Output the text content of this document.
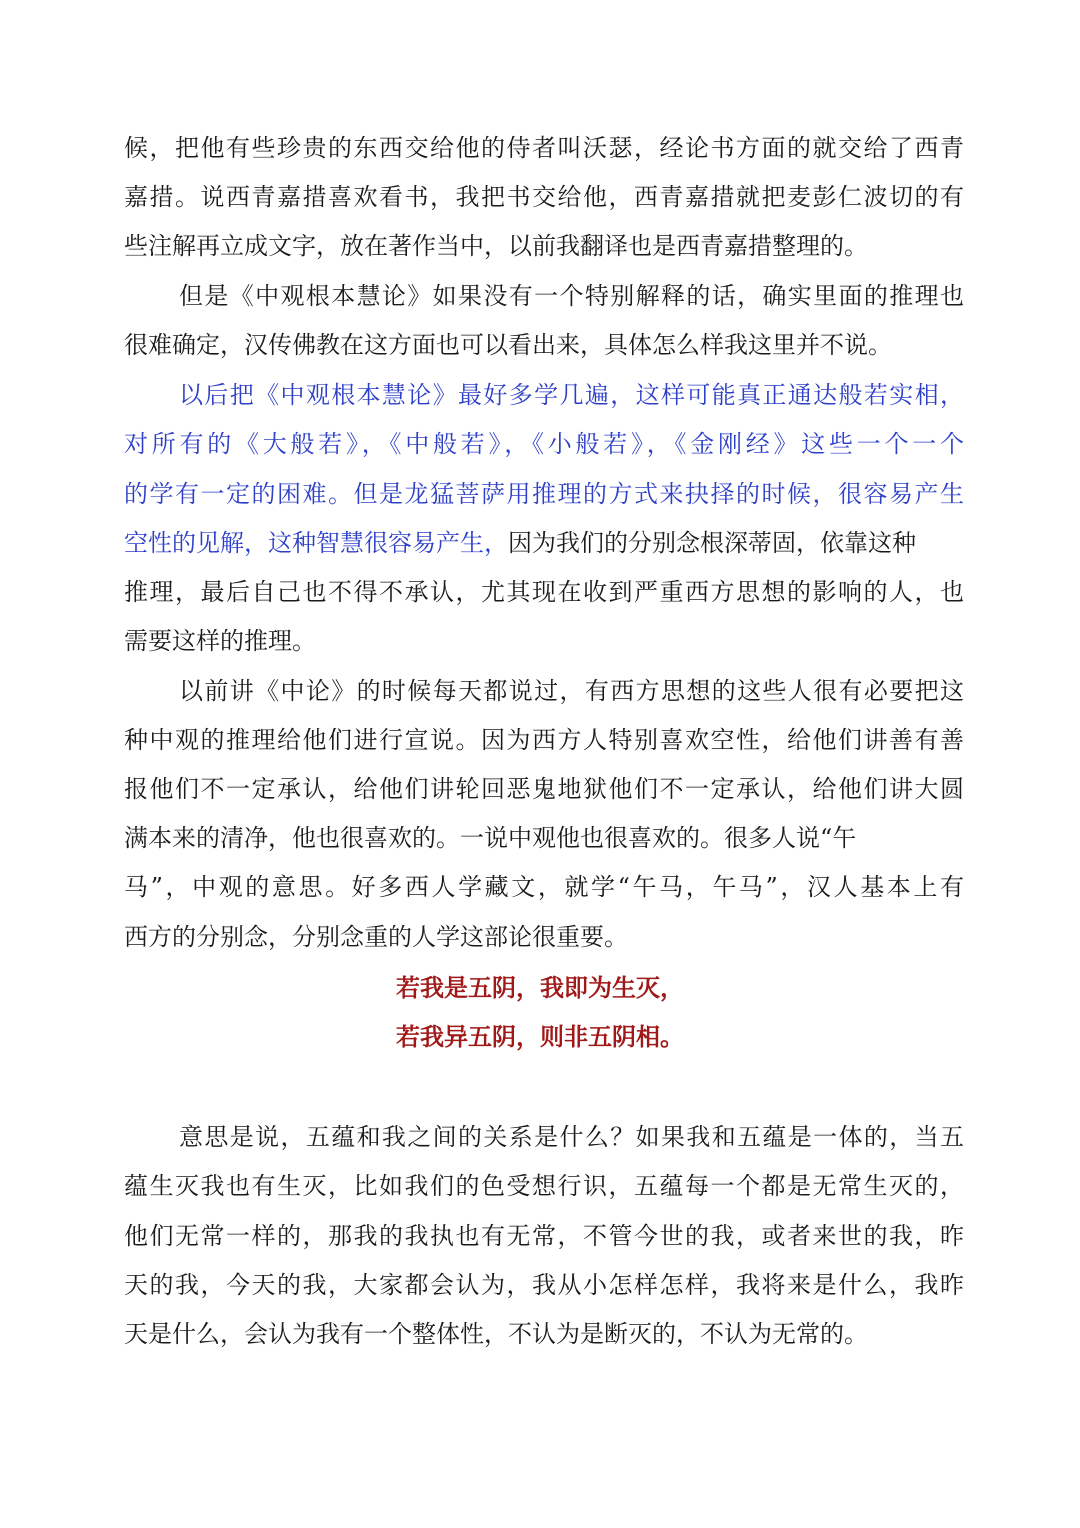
候，把他有些珍贵的东西交给他的侍者叫沃瑟，经论书方面的就交给了西青
嘉措。说西青嘉措喜欢看书，我把书交给他，西青嘉措就把麦彭仁波切的有
些注解再立成文字，放在著作当中，以前我翻译也是西青嘉措整理的。
但是《中观根本慧论》如果没有一个特别解释的话，确实里面的推理也
很难确定，汉传佛教在这方面也可以看出来，具体怎么样我这里并不说。
以后把《中观根本慧论》最好多学几遍，这样可能真正通达般若实相，
对所有的《大般若》，《中般若》，《小般若》，《金刚经》这些一个一个
的学有一定的困难。但是龙猛菩萨用推理的方式来抉择的时候，很容易产生
空性的见解，这种智慧很容易产生，因为我们的分别念根深蒂固，依靠这种
推理，最后自己也不得不承认，尤其现在收到严重西方思想的影响的人，也
需要这样的推理。
以前讲《中论》的时候每天都说过，有西方思想的这些人很有必要把这
种中观的推理给他们进行宣说。因为西方人特别喜欢空性，给他们讲善有善
报他们不一定承认，给他们讲轮回恶鬼地狱他们不一定承认，给他们讲大圆
满本来的清净，他也很喜欢的。一说中观他也很喜欢的。很多人说“午
马”，中观的意思。好多西人学藏文，就学“午马，午马”，汉人基本上有
西方的分别念，分别念重的人学这部论很重要。
若我是五阴，我即为生灭，
若我异五阴，则非五阴相。
意思是说，五蕴和我之间的关系是什么？如果我和五蕴是一体的，当五
蕴生灭我也有生灭，比如我们的色受想行识，五蕴每一个都是无常生灭的，
他们无常一样的，那我的我执也有无常，不管今世的我，或者来世的我，昨
天的我，今天的我，大家都会认为，我从小怎样怎样，我将来是什么，我昨
天是什么，会认为我有一个整体性，不认为是断灭的，不认为无常的。
